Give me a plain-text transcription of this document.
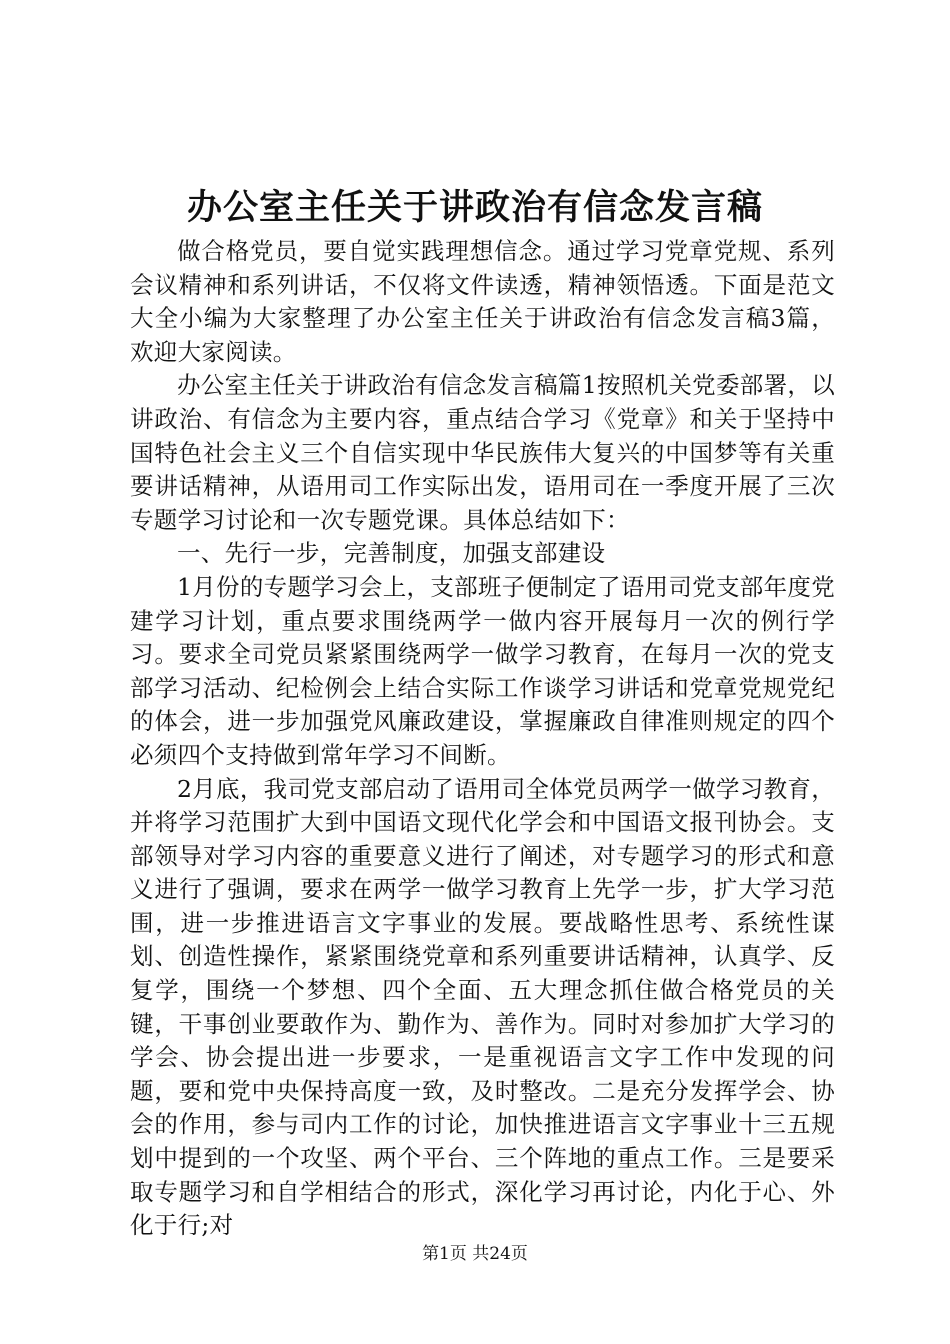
办公室主任关于讲政治有信念发言稿

做合格党员，要自觉实践理想信念。通过学习党章党规、系列会议精神和系列讲话，不仅将文件读透，精神领悟透。下面是范文大全小编为大家整理了办公室主任关于讲政治有信念发言稿3篇，欢迎大家阅读。

办公室主任关于讲政治有信念发言稿篇1按照机关党委部署，以讲政治、有信念为主要内容，重点结合学习《党章》和关于坚持中国特色社会主义三个自信实现中华民族伟大复兴的中国梦等有关重要讲话精神，从语用司工作实际出发，语用司在一季度开展了三次专题学习讨论和一次专题党课。具体总结如下：

一、先行一步，完善制度，加强支部建设

1月份的专题学习会上，支部班子便制定了语用司党支部年度党建学习计划，重点要求围绕两学一做内容开展每月一次的例行学习。要求全司党员紧紧围绕两学一做学习教育，在每月一次的党支部学习活动、纪检例会上结合实际工作谈学习讲话和党章党规党纪的体会，进一步加强党风廉政建设，掌握廉政自律准则规定的四个必须四个支持做到常年学习不间断。

2月底，我司党支部启动了语用司全体党员两学一做学习教育，并将学习范围扩大到中国语文现代化学会和中国语文报刊协会。支部领导对学习内容的重要意义进行了阐述，对专题学习的形式和意义进行了强调，要求在两学一做学习教育上先学一步，扩大学习范围，进一步推进语言文字事业的发展。要战略性思考、系统性谋划、创造性操作，紧紧围绕党章和系列重要讲话精神，认真学、反复学，围绕一个梦想、四个全面、五大理念抓住做合格党员的关键，干事创业要敢作为、勤作为、善作为。同时对参加扩大学习的学会、协会提出进一步要求，一是重视语言文字工作中发现的问题，要和党中央保持高度一致，及时整改。二是充分发挥学会、协会的作用，参与司内工作的讨论，加快推进语言文字事业十三五规划中提到的一个攻坚、两个平台、三个阵地的重点工作。三是要采取专题学习和自学相结合的形式，深化学习再讨论，内化于心、外化于行;对

第1页 共24页
